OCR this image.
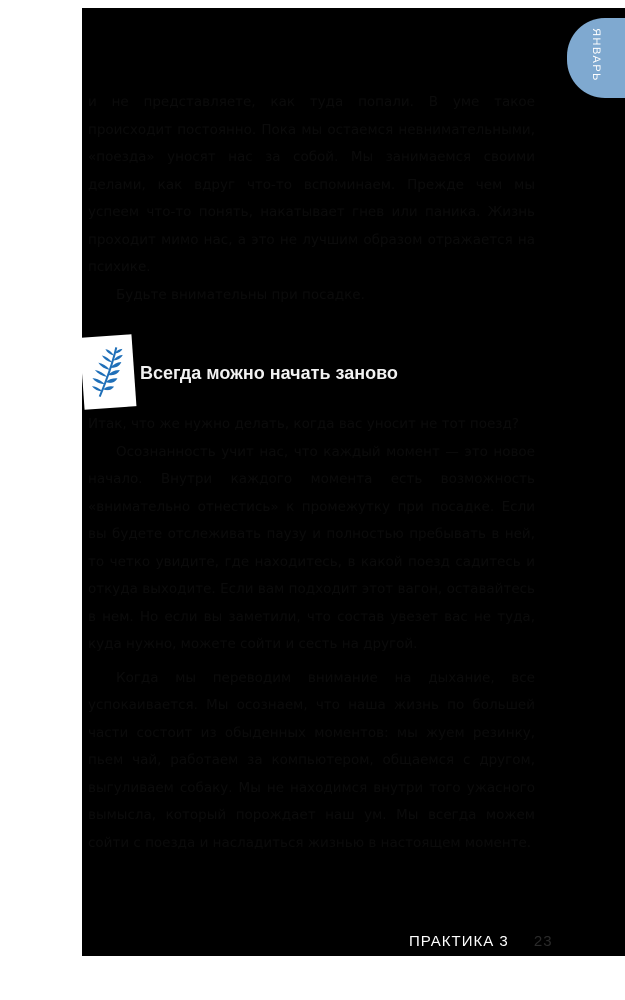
ЯНВАРЬ

и не представляете, как туда попали. В уме такое происходит постоянно. Пока мы остаемся невнимательными, «поезда» уносят нас за собой. Мы занимаемся своими делами, как вдруг что-то вспоминаем. Прежде чем мы успеем что-то понять, накатывает гнев или паника. Жизнь проходит мимо нас, а это не лучшим образом отражается на психике.

Будьте внимательны при посадке.

Всегда можно начать заново

Итак, что же нужно делать, когда вас уносит не тот поезд?

Осознанность учит нас, что каждый момент — это новое начало. Внутри каждого момента есть возможность «внимательно отнестись» к промежутку при посадке. Если вы будете отслеживать паузу и полностью пребывать в ней, то четко увидите, где находитесь, в какой поезд садитесь и откуда выходите. Если вам подходит этот вагон, оставайтесь в нем. Но если вы заметили, что состав увезет вас не туда, куда нужно, можете сойти и сесть на другой.

Когда мы переводим внимание на дыхание, все успокаивается. Мы осознаем, что наша жизнь по большей части состоит из обыденных моментов: мы жуем резинку, пьем чай, работаем за компьютером, общаемся с другом, выгуливаем собаку. Мы не находимся внутри того ужасного вымысла, который порождает наш ум. Мы всегда можем сойти с поезда и насладиться жизнью в настоящем моменте.

ПРАКТИКА 3 23
